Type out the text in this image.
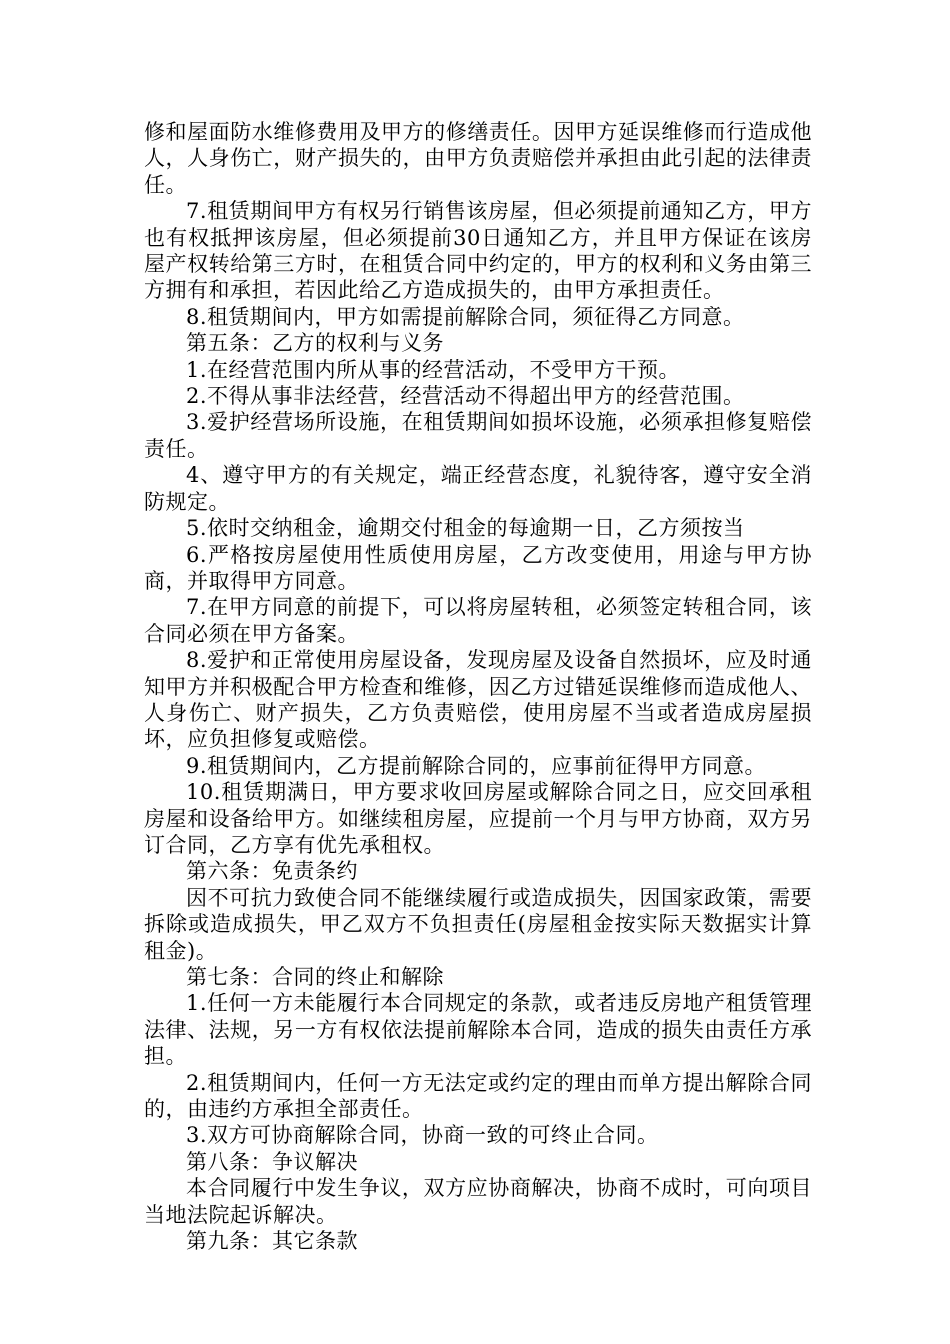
修和屋面防水维修费用及甲方的修缮责任。因甲方延误维修而行造成他人，人身伤亡，财产损失的，由甲方负责赔偿并承担由此引起的法律责任。

7.租赁期间甲方有权另行销售该房屋，但必须提前通知乙方，甲方也有权抵押该房屋，但必须提前30日通知乙方，并且甲方保证在该房屋产权转给第三方时，在租赁合同中约定的，甲方的权利和义务由第三方拥有和承担，若因此给乙方造成损失的，由甲方承担责任。

8.租赁期间内，甲方如需提前解除合同，须征得乙方同意。

第五条：乙方的权利与义务

1.在经营范围内所从事的经营活动，不受甲方干预。

2.不得从事非法经营，经营活动不得超出甲方的经营范围。

3.爱护经营场所设施，在租赁期间如损坏设施，必须承担修复赔偿责任。

4、遵守甲方的有关规定，端正经营态度，礼貌待客，遵守安全消防规定。

5.依时交纳租金，逾期交付租金的每逾期一日，乙方须按当

6.严格按房屋使用性质使用房屋，乙方改变使用，用途与甲方协商，并取得甲方同意。

7.在甲方同意的前提下，可以将房屋转租，必须签定转租合同，该合同必须在甲方备案。

8.爱护和正常使用房屋设备，发现房屋及设备自然损坏，应及时通知甲方并积极配合甲方检查和维修，因乙方过错延误维修而造成他人、人身伤亡、财产损失，乙方负责赔偿，使用房屋不当或者造成房屋损坏，应负担修复或赔偿。

9.租赁期间内，乙方提前解除合同的，应事前征得甲方同意。

10.租赁期满日，甲方要求收回房屋或解除合同之日，应交回承租房屋和设备给甲方。如继续租房屋，应提前一个月与甲方协商，双方另订合同，乙方享有优先承租权。

第六条：免责条约

因不可抗力致使合同不能继续履行或造成损失，因国家政策，需要拆除或造成损失，甲乙双方不负担责任(房屋租金按实际天数据实计算租金)。

第七条：合同的终止和解除

1.任何一方未能履行本合同规定的条款，或者违反房地产租赁管理法律、法规，另一方有权依法提前解除本合同，造成的损失由责任方承担。

2.租赁期间内，任何一方无法定或约定的理由而单方提出解除合同的，由违约方承担全部责任。

3.双方可协商解除合同，协商一致的可终止合同。

第八条：争议解决

本合同履行中发生争议，双方应协商解决，协商不成时，可向项目当地法院起诉解决。

第九条：其它条款
